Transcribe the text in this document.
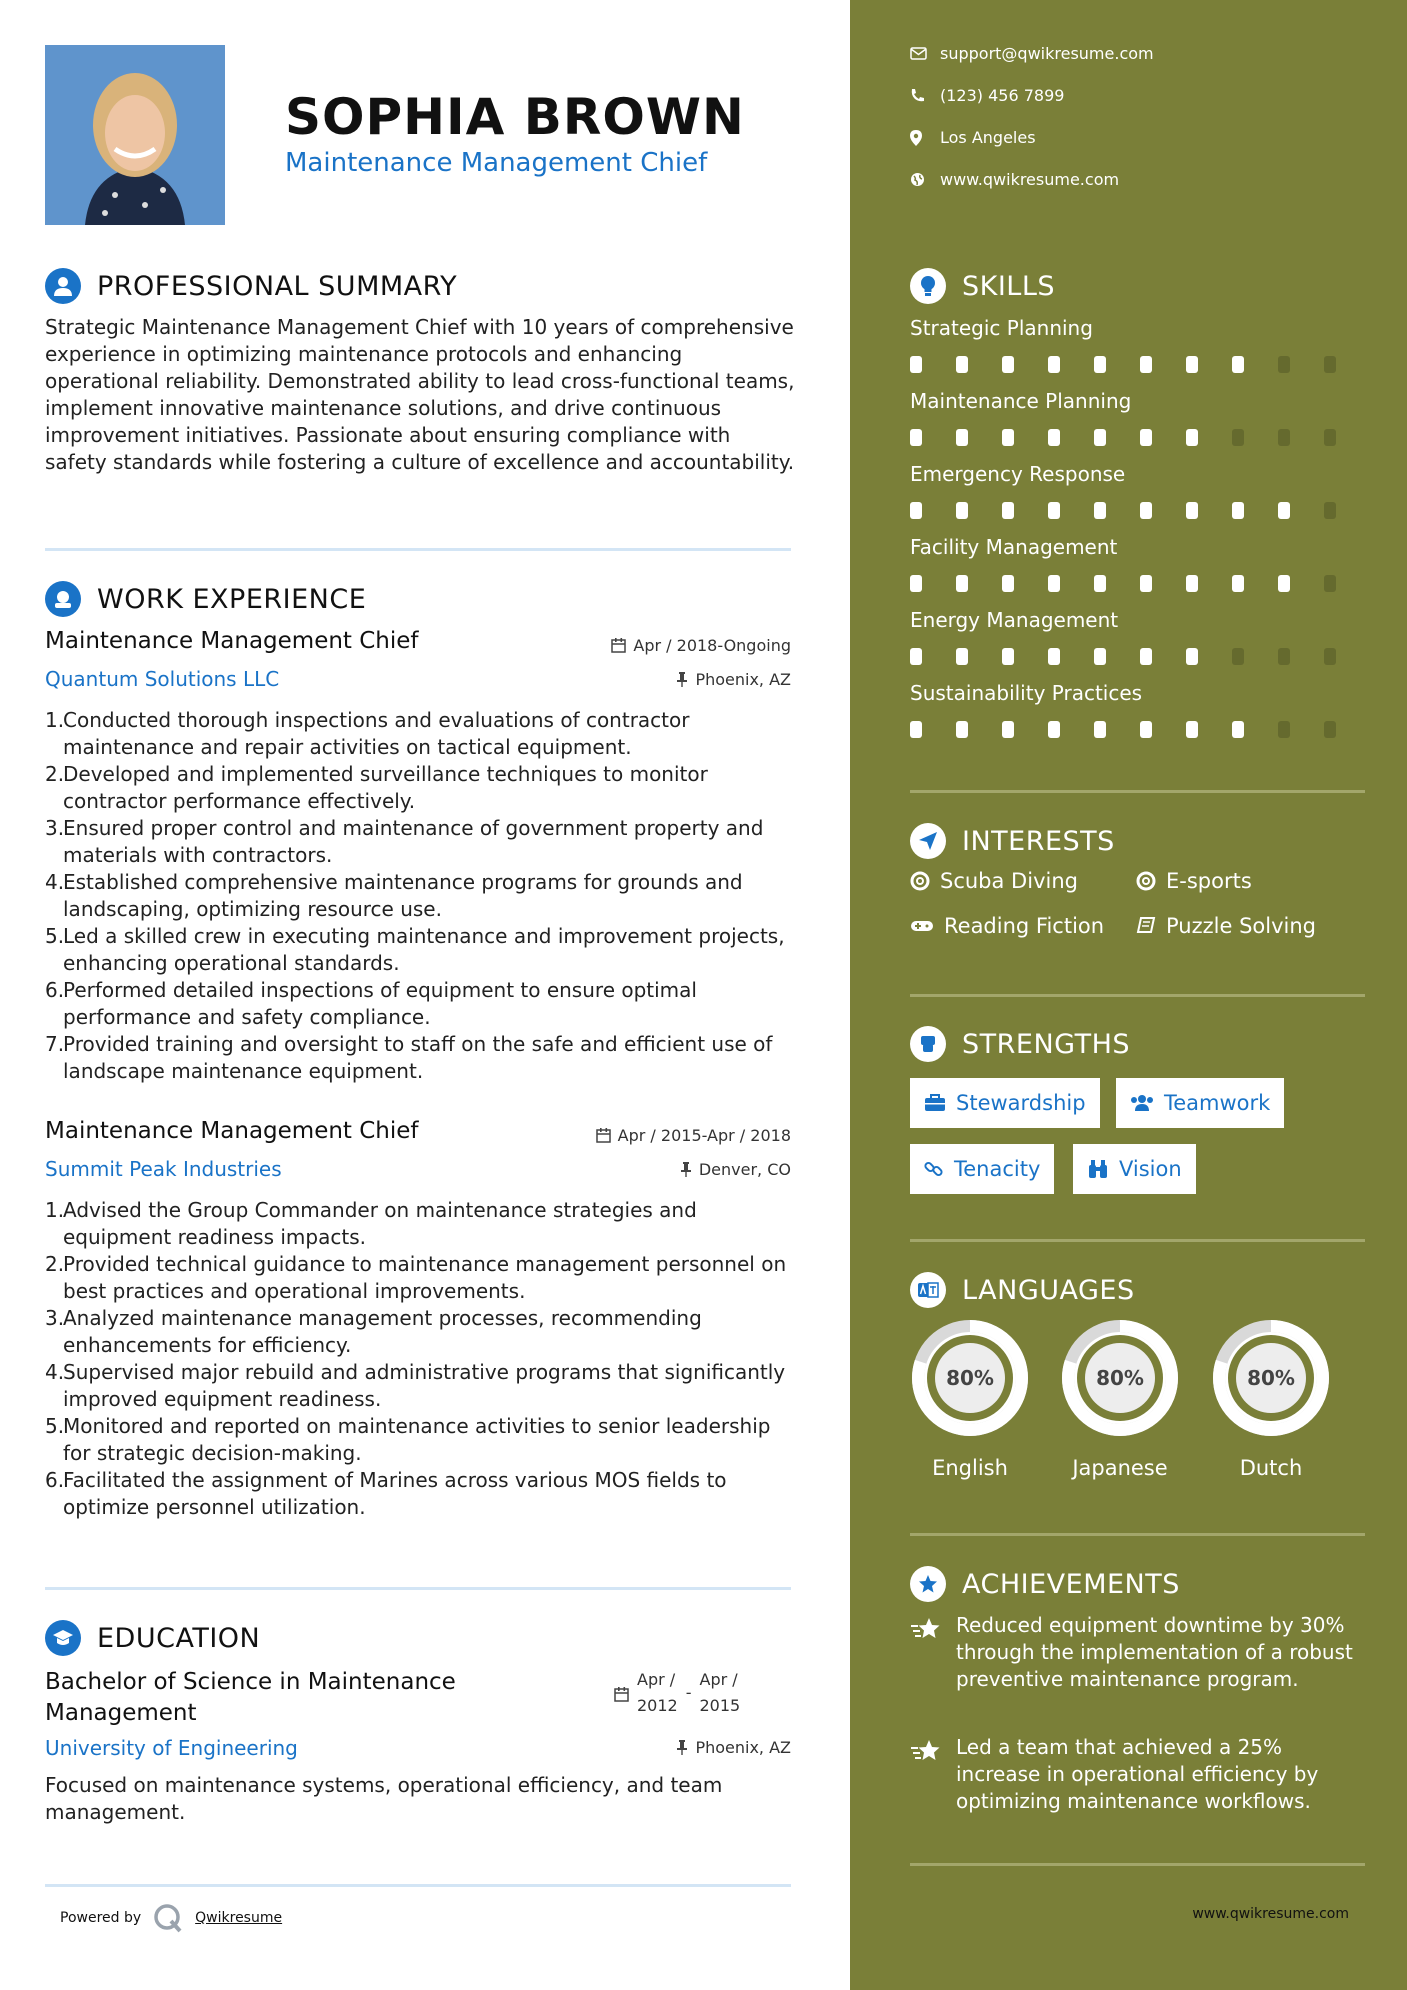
SOPHIA BROWN
Maintenance Management Chief
PROFESSIONAL SUMMARY
Strategic Maintenance Management Chief with 10 years of comprehensive experience in optimizing maintenance protocols and enhancing operational reliability. Demonstrated ability to lead cross-functional teams, implement innovative maintenance solutions, and drive continuous improvement initiatives. Passionate about ensuring compliance with safety standards while fostering a culture of excellence and accountability.
WORK EXPERIENCE
Maintenance Management Chief	Apr / 2018-Ongoing
Quantum Solutions LLC	Phoenix, AZ
1.
Conducted thorough inspections and evaluations of contractor maintenance and repair activities on tactical equipment.
2.
Developed and implemented surveillance techniques to monitor contractor performance effectively.
3.
Ensured proper control and maintenance of government property and materials with contractors.
4.
Established comprehensive maintenance programs for grounds and landscaping, optimizing resource use.
5.
Led a skilled crew in executing maintenance and improvement projects, enhancing operational standards.
6.
Performed detailed inspections of equipment to ensure optimal performance and safety compliance.
7.
Provided training and oversight to staff on the safe and efficient use of landscape maintenance equipment.
Maintenance Management Chief	Apr / 2015-Apr / 2018
Summit Peak Industries	Denver, CO
1.
Advised the Group Commander on maintenance strategies and equipment readiness impacts.
2.
Provided technical guidance to maintenance management personnel on best practices and operational improvements.
3.
Analyzed maintenance management processes, recommending enhancements for efficiency.
4.
Supervised major rebuild and administrative programs that significantly improved equipment readiness.
5.
Monitored and reported on maintenance activities to senior leadership for strategic decision-making.
6.
Facilitated the assignment of Marines across various MOS fields to optimize personnel utilization.
EDUCATION
Bachelor of Science in Maintenance
Management
Apr /
2012
-
Apr /
2015
University of Engineering	Phoenix, AZ
Focused on maintenance systems, operational efficiency, and team management.
Powered by	Qwikresume
support@qwikresume.com
(123) 456 7899
Los Angeles
www.qwikresume.com
SKILLS
Strategic Planning
Maintenance Planning
Emergency Response
Facility Management
Energy Management
Sustainability Practices
INTERESTS
Scuba Diving	E-sports
Reading Fiction	Puzzle Solving
STRENGTHS
Stewardship	Teamwork
Tenacity	Vision
LANGUAGES
80%
English
80%
Japanese
80%
Dutch
ACHIEVEMENTS
Reduced equipment downtime by 30% through the implementation of a robust preventive maintenance program.
Led a team that achieved a 25% increase in operational efficiency by optimizing maintenance workflows.
www.qwikresume.com
